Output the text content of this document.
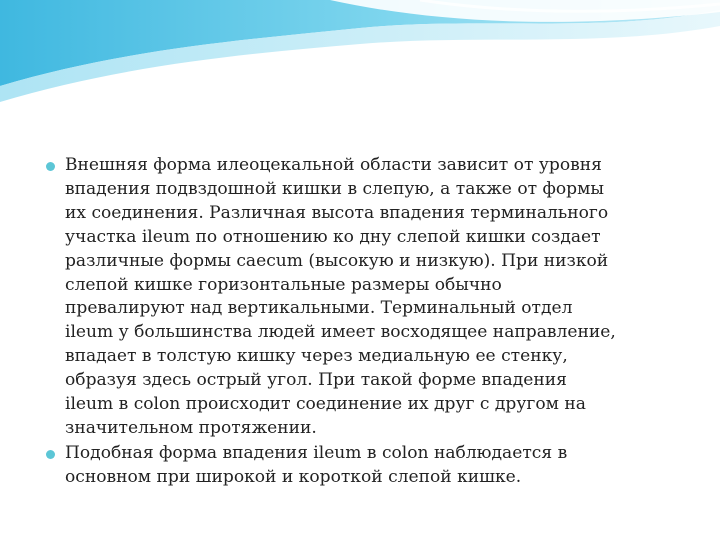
Внешняя форма илеоцекальной области зависит от уровня
впадения подвздошной кишки в слепую, а также от формы
их соединения. Различная высота впадения терминального
участка ileum по отношению ко дну слепой кишки создает
различные формы caecum (высокую и низкую). При низкой
слепой кишке горизонтальные размеры обычно
превалируют над вертикальными. Терминальный отдел
ileum у большинства людей имеет восходящее направление,
впадает в толстую кишку через медиальную ее стенку,
образуя здесь острый угол. При такой форме впадения
ileum в colon происходит соединение их друг с другом на
значительном протяжении.
Подобная форма впадения ileum в colon наблюдается в
основном при широкой и короткой слепой кишке.
